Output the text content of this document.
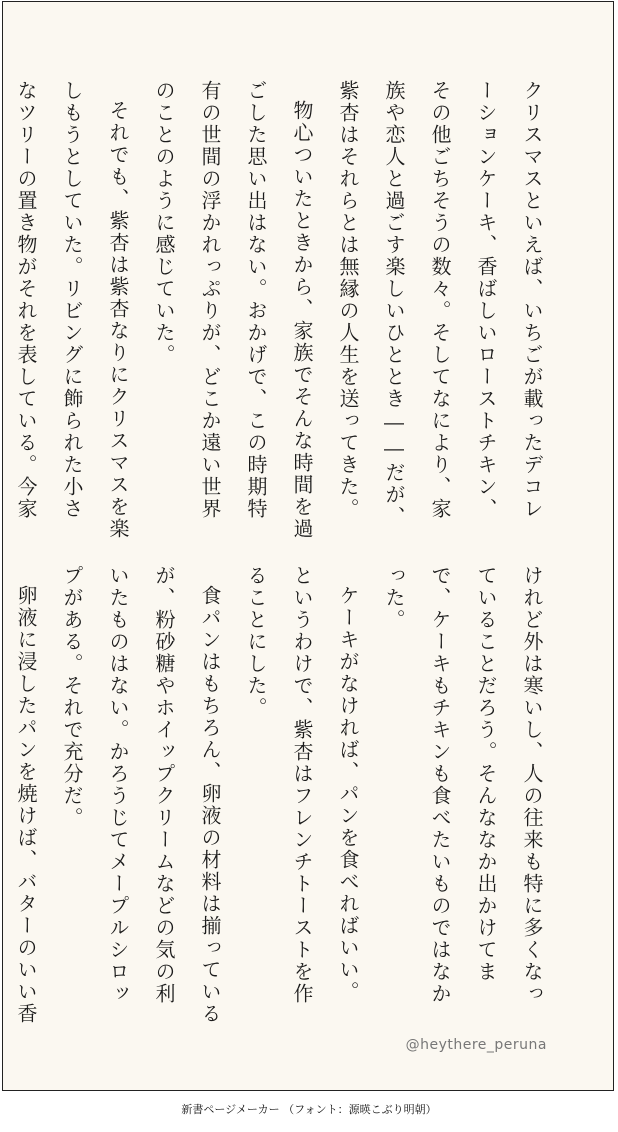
クリスマスといえば、いちごが載ったデコレーションケーキ、香ばしいローストチキン、その他ごちそうの数々。そしてなにより、家族や恋人と過ごす楽しいひととき――だが、

紫杏はそれらとは無縁の人生を送ってきた。

物心ついたときから、家族でそんな時間を過ごした思い出はない。おかげで、この時期特有の世間の浮かれっぷりが、どこか遠い世界のことのように感じていた。

それでも、紫杏は紫杏なりにクリスマスを楽しもうとしていた。リビングに飾られた小さなツリーの置き物がそれを表している。今家

けれど外は寒いし、人の往来も特に多くなっていることだろう。そんななか出かけてまで、ケーキもチキンも食べたいものではなかった。

ケーキがなければ、パンを食べればいい。

というわけで、紫杏はフレンチトーストを作ることにした。

食パンはもちろん、卵液の材料は揃っているが、粉砂糖やホイップクリームなどの気の利いたものはない。かろうじてメープルシロップがある。それで充分だ。

卵液に浸したパンを焼けば、バターのいい香

@heythere_peruna
新書ページメーカー （フォント：源暎こぶり明朝）
